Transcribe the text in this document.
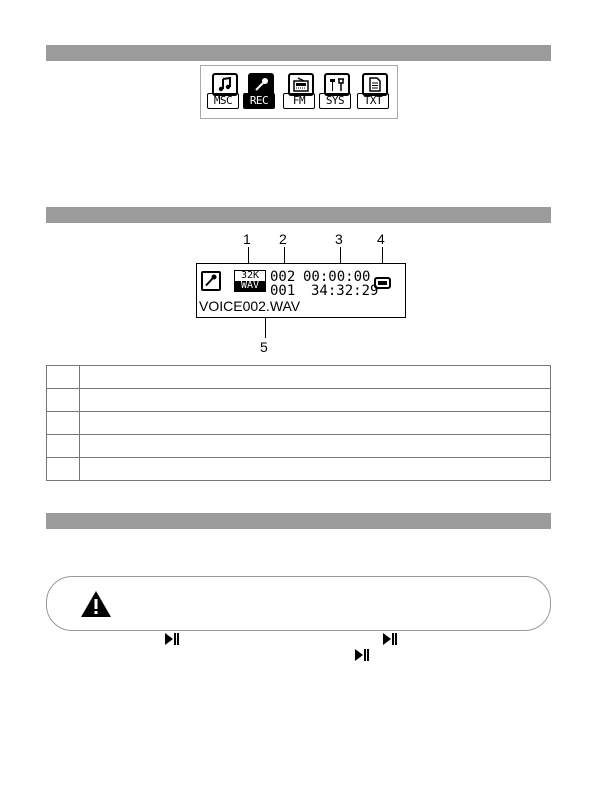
MSC	REC	FM	SYS	TXT
1 2	3 4
5
32K
WAV
002 00:00:00
001 34:32:29
VOICE002.WAV
